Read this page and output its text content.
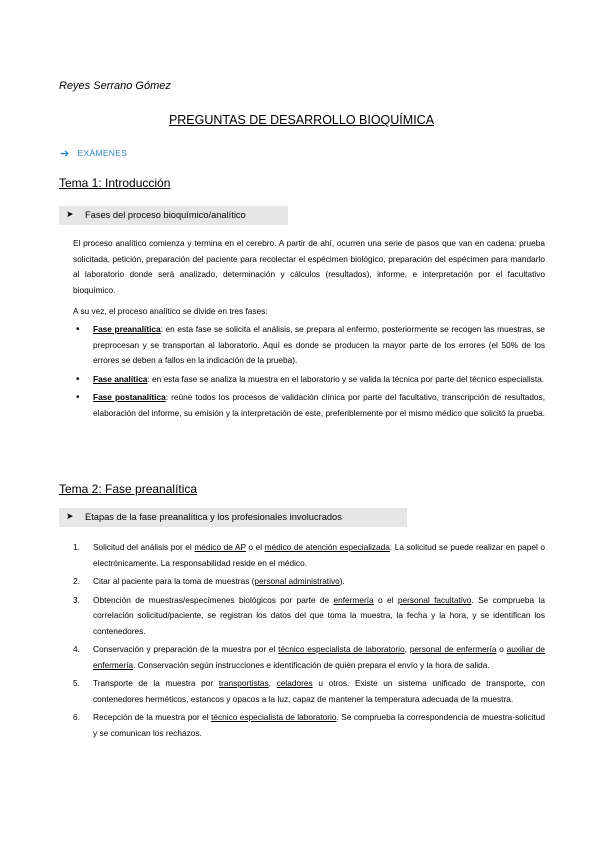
Reyes Serrano Gómez
PREGUNTAS DE DESARROLLO BIOQUÍMICA
➔ EXÁMENES
Tema 1: Introducción
➤ Fases del proceso bioquímico/analítico
El proceso analítico comienza y termina en el cerebro. A partir de ahí, ocurren una serie de pasos que van en cadena: prueba solicitada, petición, preparación del paciente para recolectar el espécimen biológico, preparación del espécimen para mandarlo al laboratorio donde será analizado, determinación y cálculos (resultados), informe, e interpretación por el facultativo bioquímico.
A su vez, el proceso analítico se divide en tres fases:
• Fase preanalítica: en esta fase se solicita el análisis, se prepara al enfermo, posteriormente se recogen las muestras, se preprocesan y se transportan al laboratorio. Aquí es donde se producen la mayor parte de los errores (el 50% de los errores se deben a fallos en la indicación de la prueba).
• Fase analítica: en esta fase se analiza la muestra en el laboratorio y se valida la técnica por parte del técnico especialista.
• Fase postanalítica: reúne todos los procesos de validación clínica por parte del facultativo, transcripción de resultados, elaboración del informe, su emisión y la interpretación de este, preferiblemente por el mismo médico que solicitó la prueba.
Tema 2: Fase preanalítica
➤ Etapas de la fase preanalítica y los profesionales involucrados
1. Solicitud del análisis por el médico de AP o el médico de atención especializada. La solicitud se puede realizar en papel o electrónicamente. La responsabilidad reside en el médico.
2. Citar al paciente para la toma de muestras (personal administrativo).
3. Obtención de muestras/especímenes biológicos por parte de enfermería o el personal facultativo. Se comprueba la correlación solicitud/paciente, se registran los datos del que toma la muestra, la fecha y la hora, y se identifican los contenedores.
4. Conservación y preparación de la muestra por el técnico especialista de laboratorio, personal de enfermería o auxiliar de enfermería. Conservación según instrucciones e identificación de quién prepara el envío y la hora de salida.
5. Transporte de la muestra por transportistas, celadores u otros. Existe un sistema unificado de transporte, con contenedores herméticos, estancos y opacos a la luz, capaz de mantener la temperatura adecuada de la muestra.
6. Recepción de la muestra por el técnico especialista de laboratorio. Se comprueba la correspondencia de muestra-solicitud y se comunican los rechazos.
